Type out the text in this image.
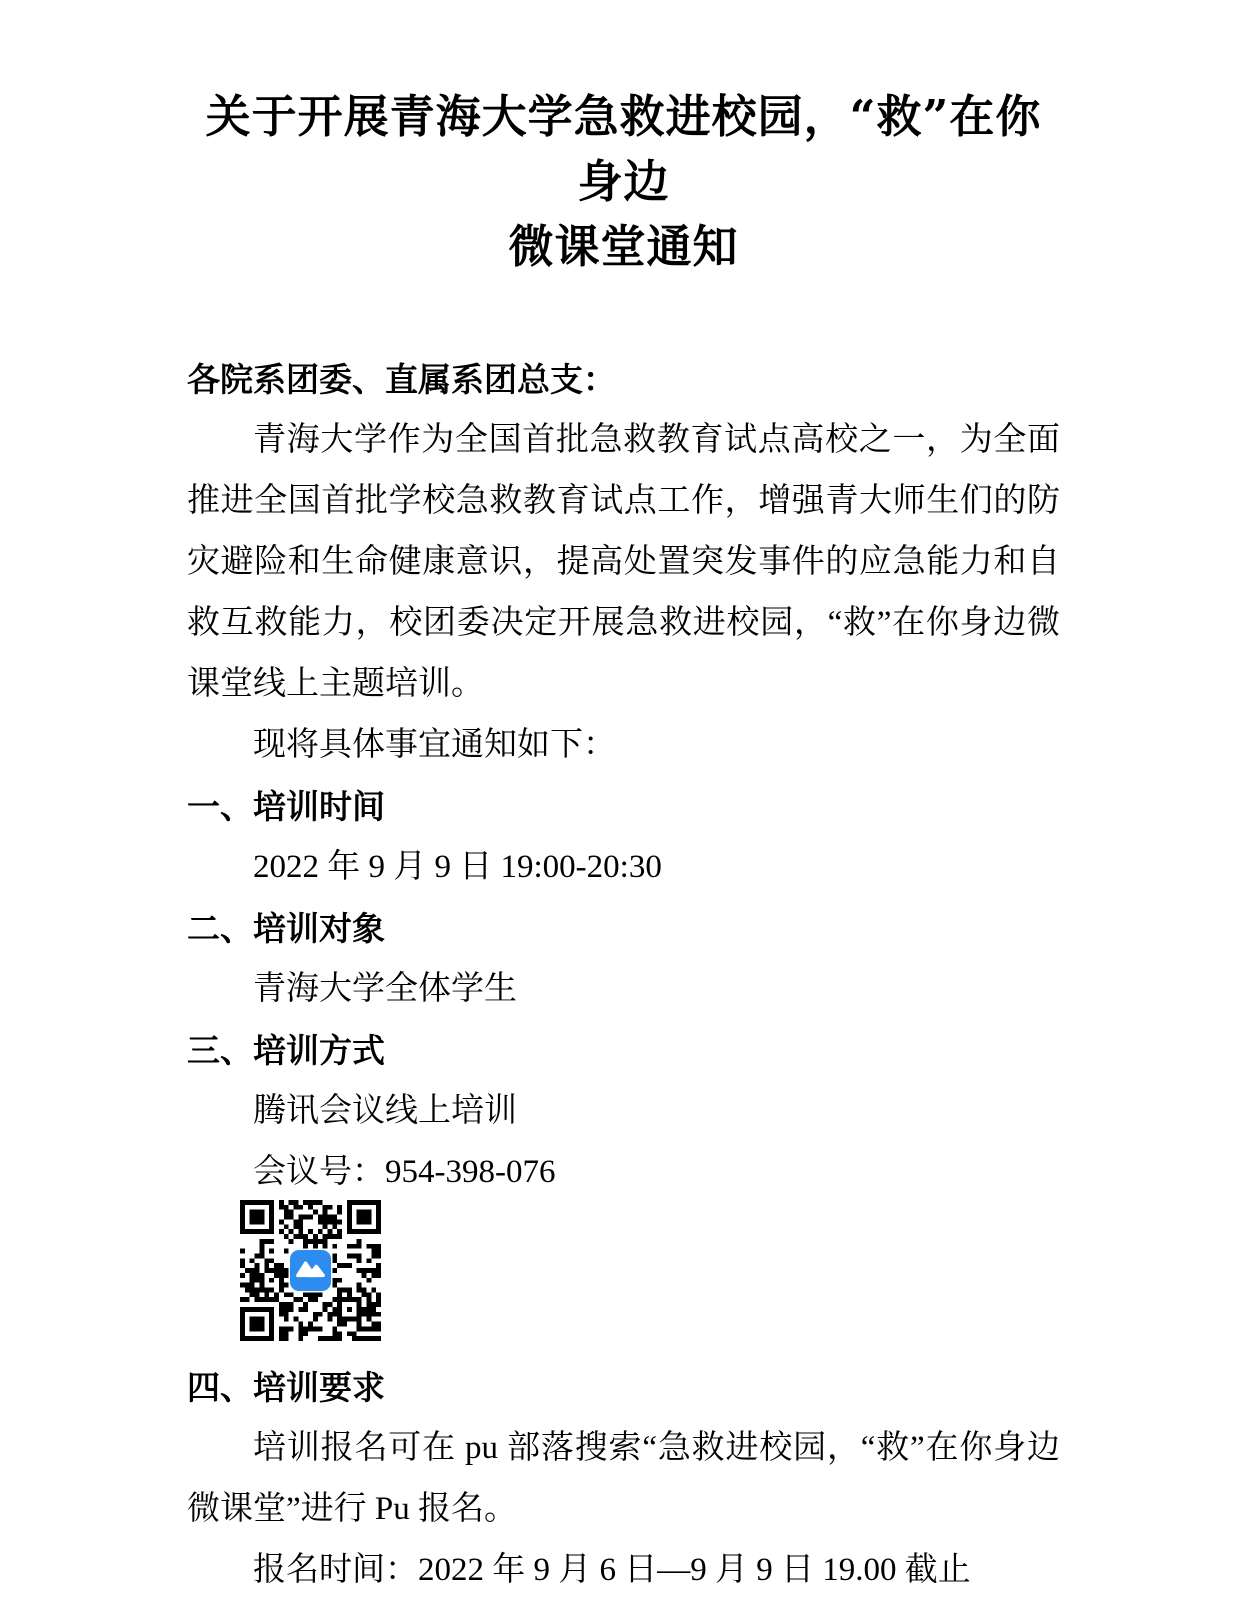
关于开展青海大学急救进校园，“救”在你身边
微课堂通知

各院系团委、直属系团总支：

青海大学作为全国首批急救教育试点高校之一，为全面推进全国首批学校急救教育试点工作，增强青大师生们的防灾避险和生命健康意识，提高处置突发事件的应急能力和自救互救能力，校团委决定开展急救进校园，“救”在你身边微课堂线上主题培训。

现将具体事宜通知如下：

一、培训时间

2022 年 9 月 9 日 19:00-20:30

二、培训对象

青海大学全体学生

三、培训方式

腾讯会议线上培训

会议号：954-398-076

四、培训要求

培训报名可在 pu 部落搜索“急救进校园，“救”在你身边微课堂”进行 Pu 报名。

报名时间：2022 年 9 月 6 日—9 月 9 日 19.00 截止
